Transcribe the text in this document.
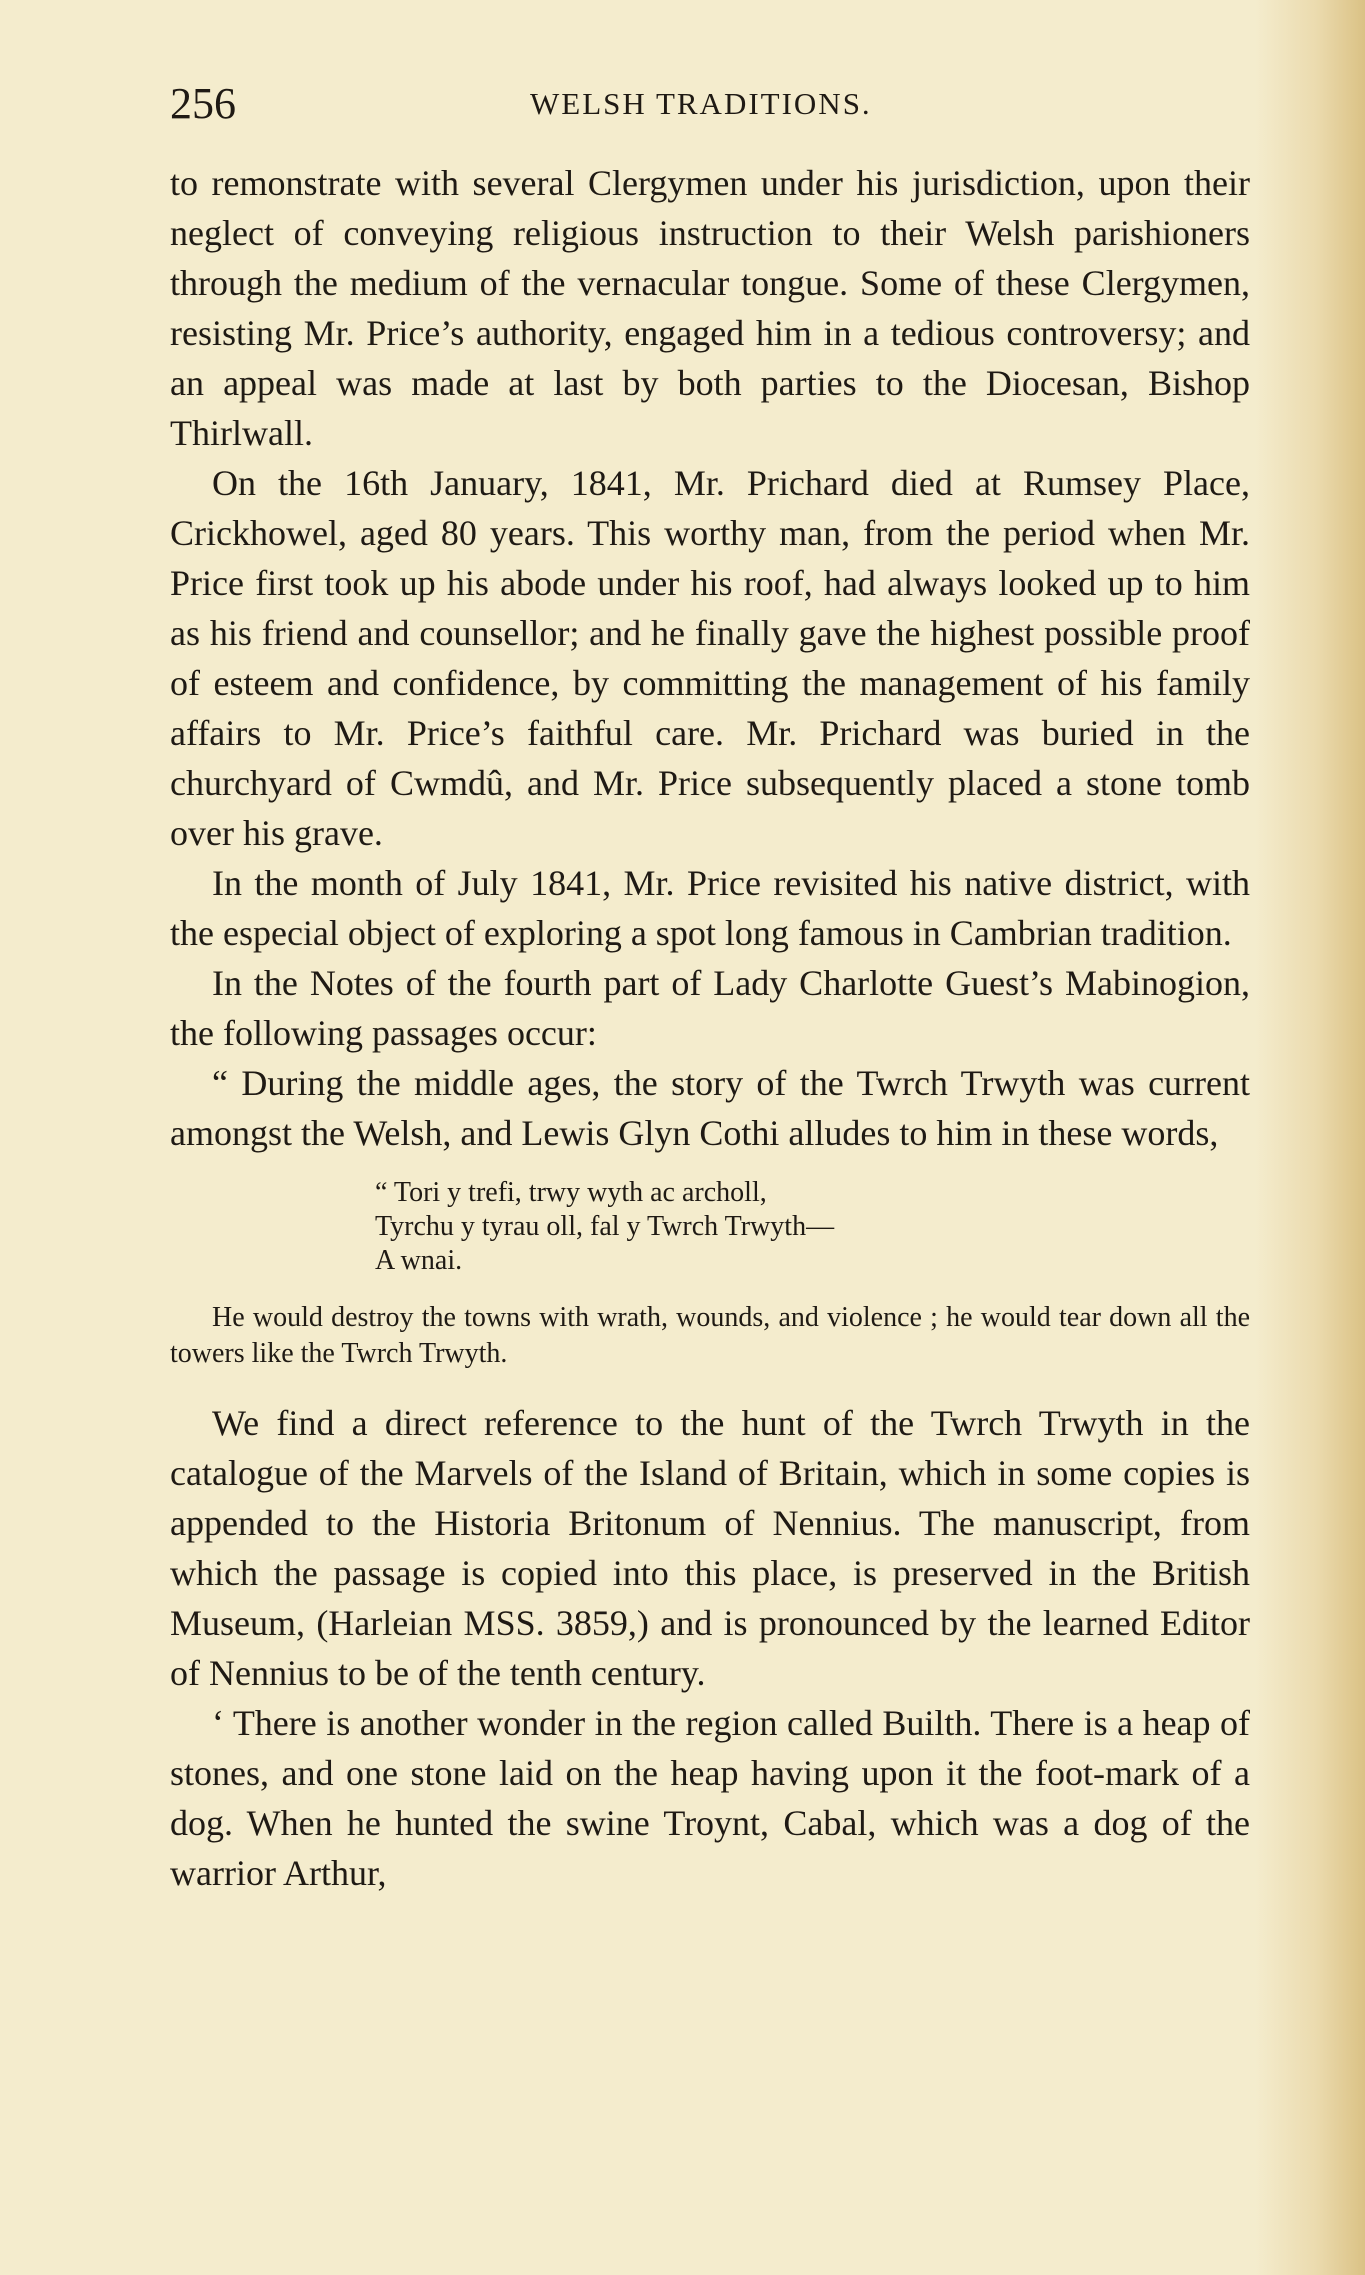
256	WELSH TRADITIONS.

to remonstrate with several Clergymen under his jurisdiction, upon their neglect of conveying religious instruction to their Welsh parishioners through the medium of the vernacular tongue. Some of these Clergymen, resisting Mr. Price’s authority, engaged him in a tedious controversy; and an appeal was made at last by both parties to the Diocesan, Bishop Thirlwall.

On the 16th January, 1841, Mr. Prichard died at Rumsey Place, Crickhowel, aged 80 years. This worthy man, from the period when Mr. Price first took up his abode under his roof, had always looked up to him as his friend and counsellor; and he finally gave the highest possible proof of esteem and confidence, by committing the management of his family affairs to Mr. Price’s faithful care. Mr. Prichard was buried in the churchyard of Cwmdû, and Mr. Price subsequently placed a stone tomb over his grave.

In the month of July 1841, Mr. Price revisited his native district, with the especial object of exploring a spot long famous in Cambrian tradition.

In the Notes of the fourth part of Lady Charlotte Guest’s Mabinogion, the following passages occur:

“ During the middle ages, the story of the Twrch Trwyth was current amongst the Welsh, and Lewis Glyn Cothi alludes to him in these words,

“ Tori y trefi, trwy wyth ac archoll,
Tyrchu y tyrau oll, fal y Twrch Trwyth—
A wnai.

He would destroy the towns with wrath, wounds, and violence ; he would tear down all the towers like the Twrch Trwyth.

We find a direct reference to the hunt of the Twrch Trwyth in the catalogue of the Marvels of the Island of Britain, which in some copies is appended to the Historia Britonum of Nennius. The manuscript, from which the passage is copied into this place, is preserved in the British Museum, (Harleian MSS. 3859,) and is pronounced by the learned Editor of Nennius to be of the tenth century.

‘ There is another wonder in the region called Builth. There is a heap of stones, and one stone laid on the heap having upon it the foot-mark of a dog. When he hunted the swine Troynt, Cabal, which was a dog of the warrior Arthur,
